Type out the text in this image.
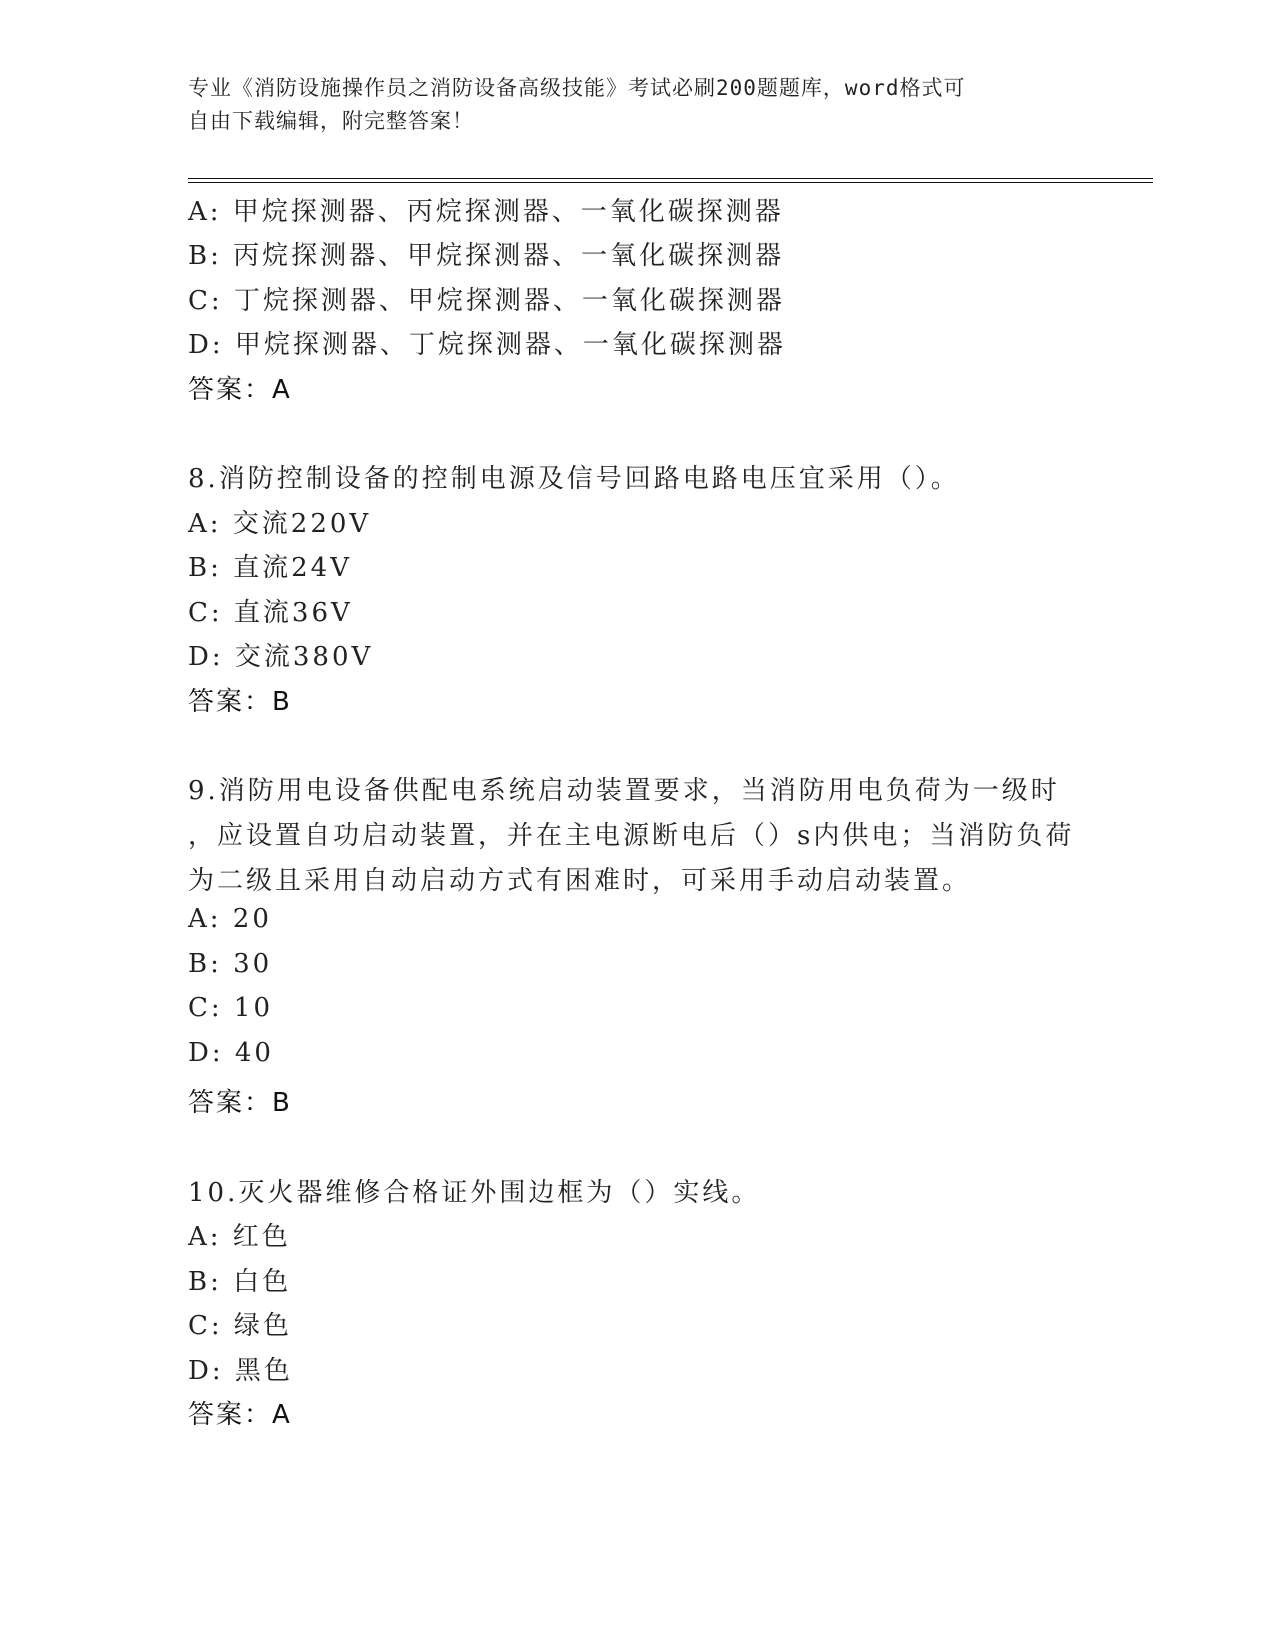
专业《消防设施操作员之消防设备高级技能》考试必刷200题题库，word格式可
自由下载编辑，附完整答案！
A: 甲烷探测器、丙烷探测器、一氧化碳探测器
B: 丙烷探测器、甲烷探测器、一氧化碳探测器
C: 丁烷探测器、甲烷探测器、一氧化碳探测器
D: 甲烷探测器、丁烷探测器、一氧化碳探测器
答案：A
8.消防控制设备的控制电源及信号回路电路电压宜采用（）。
A: 交流220V
B: 直流24V
C: 直流36V
D: 交流380V
答案：B
9.消防用电设备供配电系统启动装置要求，当消防用电负荷为一级时
，应设置自功启动装置，并在主电源断电后（）s内供电；当消防负荷
为二级且采用自动启动方式有困难时，可采用手动启动装置。
A: 20
B: 30
C: 10
D: 40
答案：B
10.灭火器维修合格证外围边框为（）实线。
A: 红色
B: 白色
C: 绿色
D: 黑色
答案：A
